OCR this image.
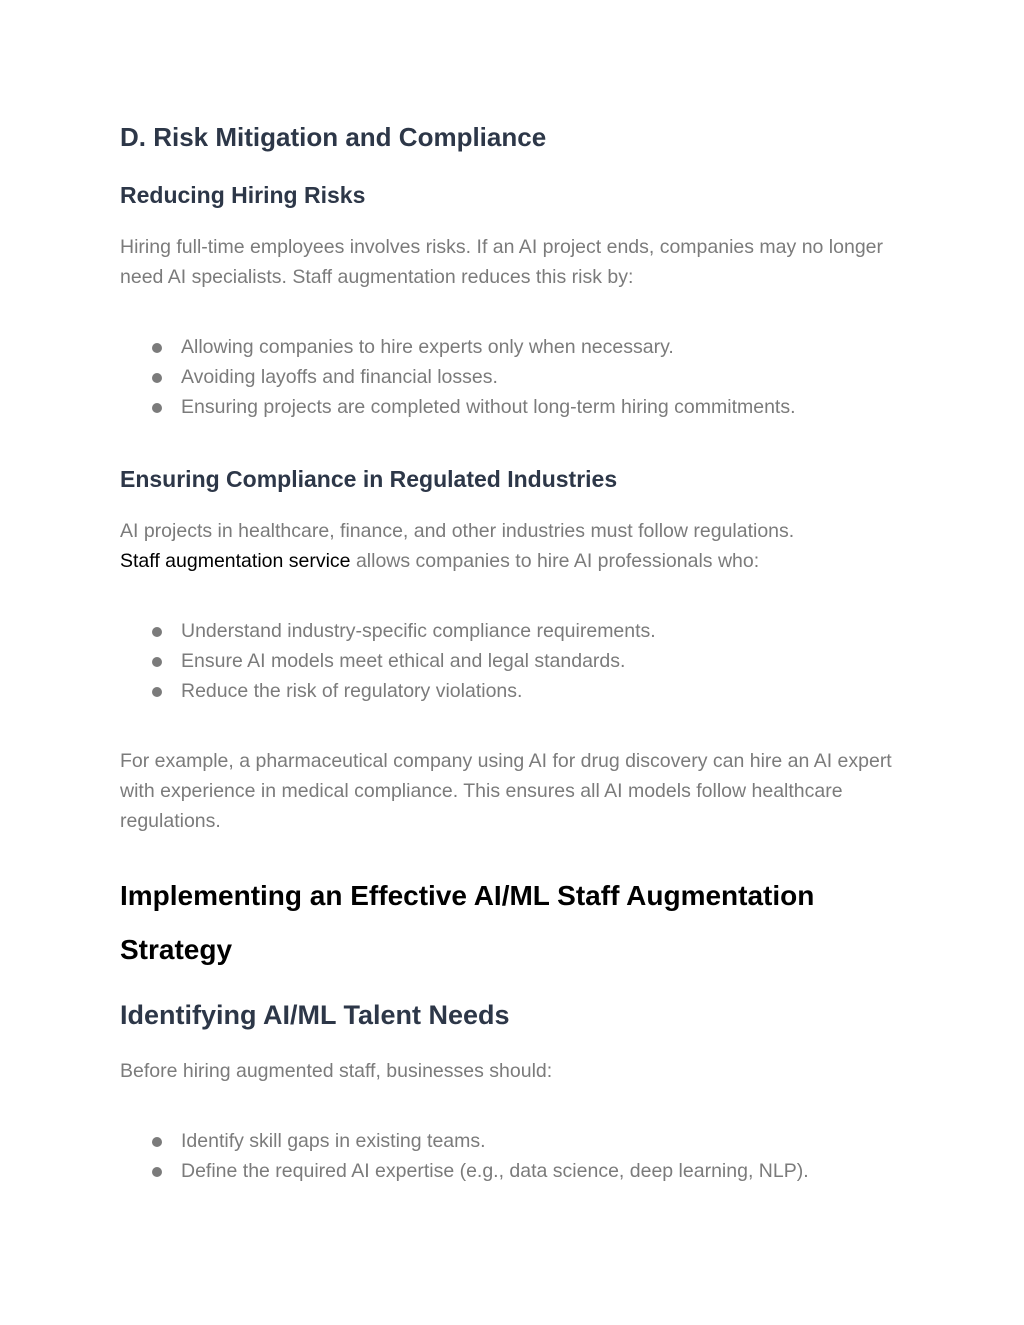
D. Risk Mitigation and Compliance
Reducing Hiring Risks

Hiring full-time employees involves risks. If an AI project ends, companies may no longer need AI specialists. Staff augmentation reduces this risk by:

Allowing companies to hire experts only when necessary.
Avoiding layoffs and financial losses.
Ensuring projects are completed without long-term hiring commitments.
Ensuring Compliance in Regulated Industries

AI projects in healthcare, finance, and other industries must follow regulations.
Staff augmentation service allows companies to hire AI professionals who:

Understand industry-specific compliance requirements.
Ensure AI models meet ethical and legal standards.
Reduce the risk of regulatory violations.

For example, a pharmaceutical company using AI for drug discovery can hire an AI expert with experience in medical compliance. This ensures all AI models follow healthcare regulations.

Implementing an Effective AI/ML Staff Augmentation Strategy
Identifying AI/ML Talent Needs

Before hiring augmented staff, businesses should:

Identify skill gaps in existing teams.
Define the required AI expertise (e.g., data science, deep learning, NLP).
